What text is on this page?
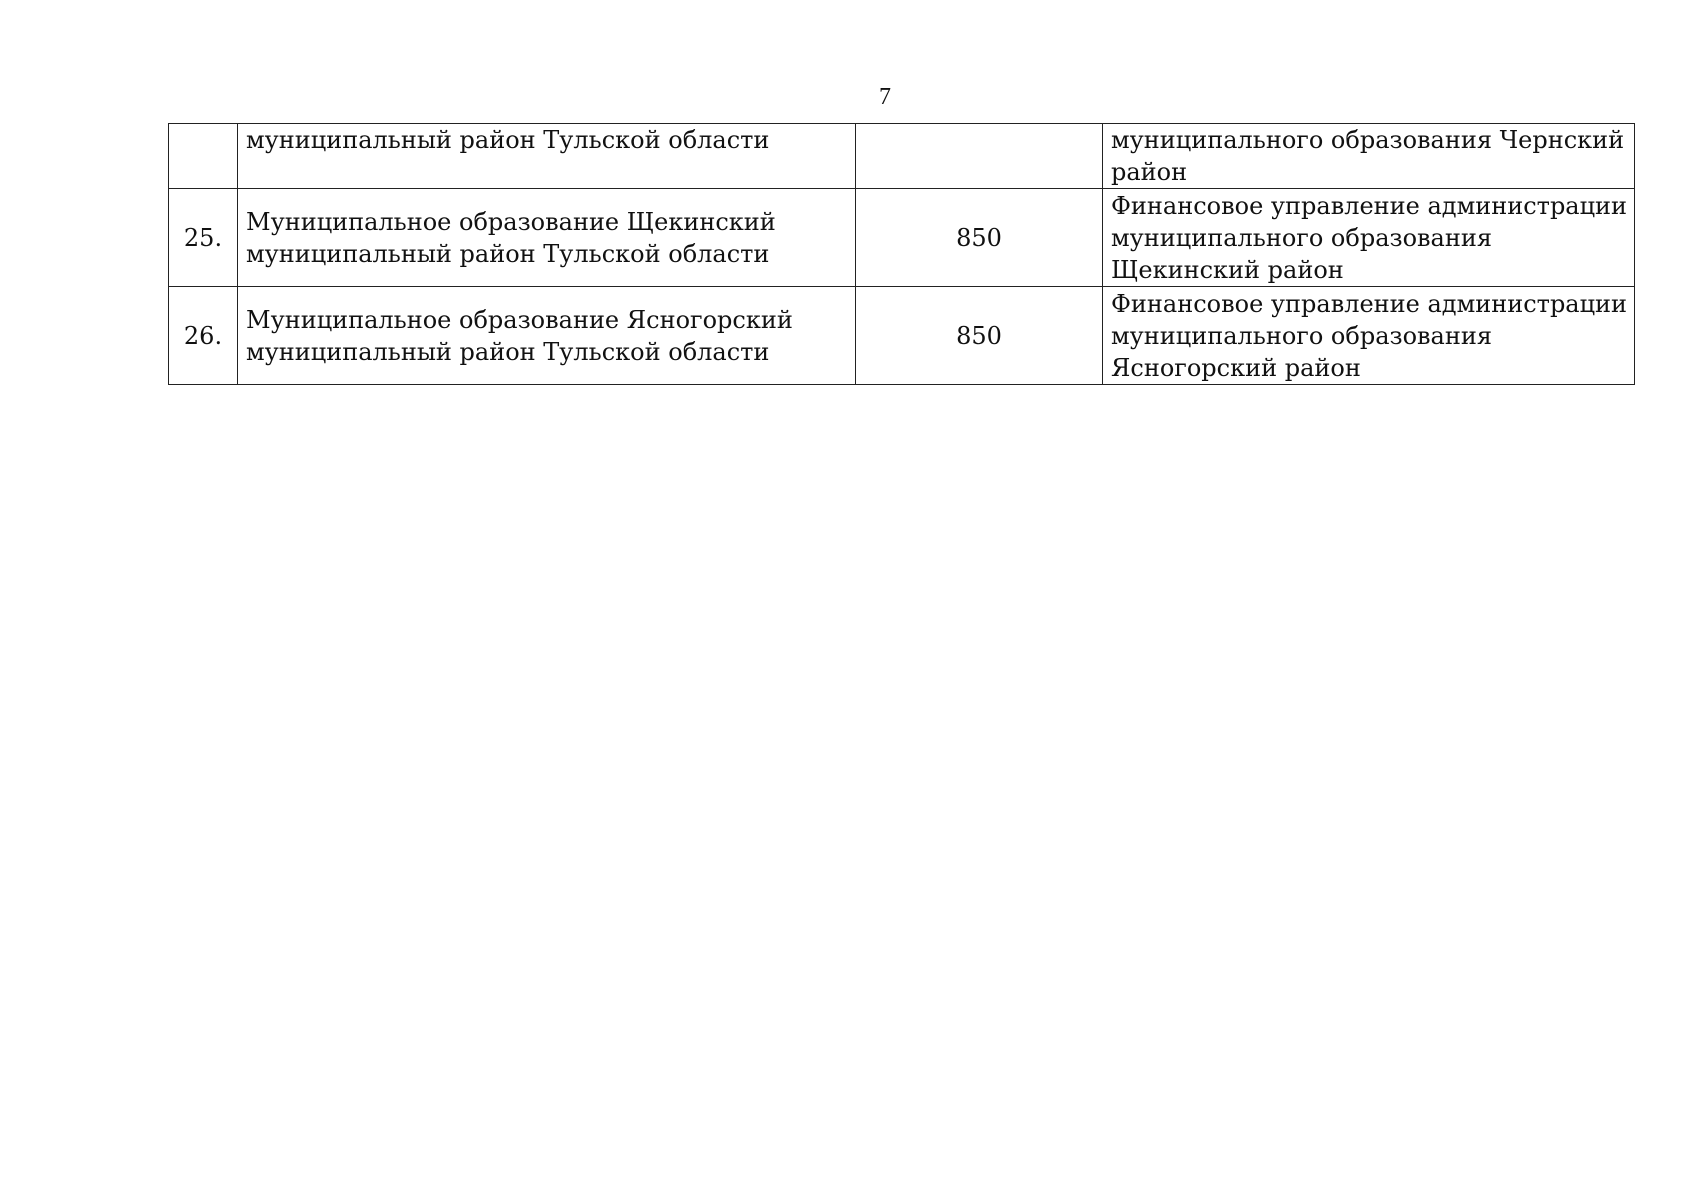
7

	муниципальный район Тульской области		муниципального образования Чернский
район

25.	Муниципальное образование Щекинский
муниципальный район Тульской области	850	Финансовое управление администрации
муниципального образования
Щекинский район

26.	Муниципальное образование Ясногорский
муниципальный район Тульской области	850	Финансовое управление администрации
муниципального образования
Ясногорский район
